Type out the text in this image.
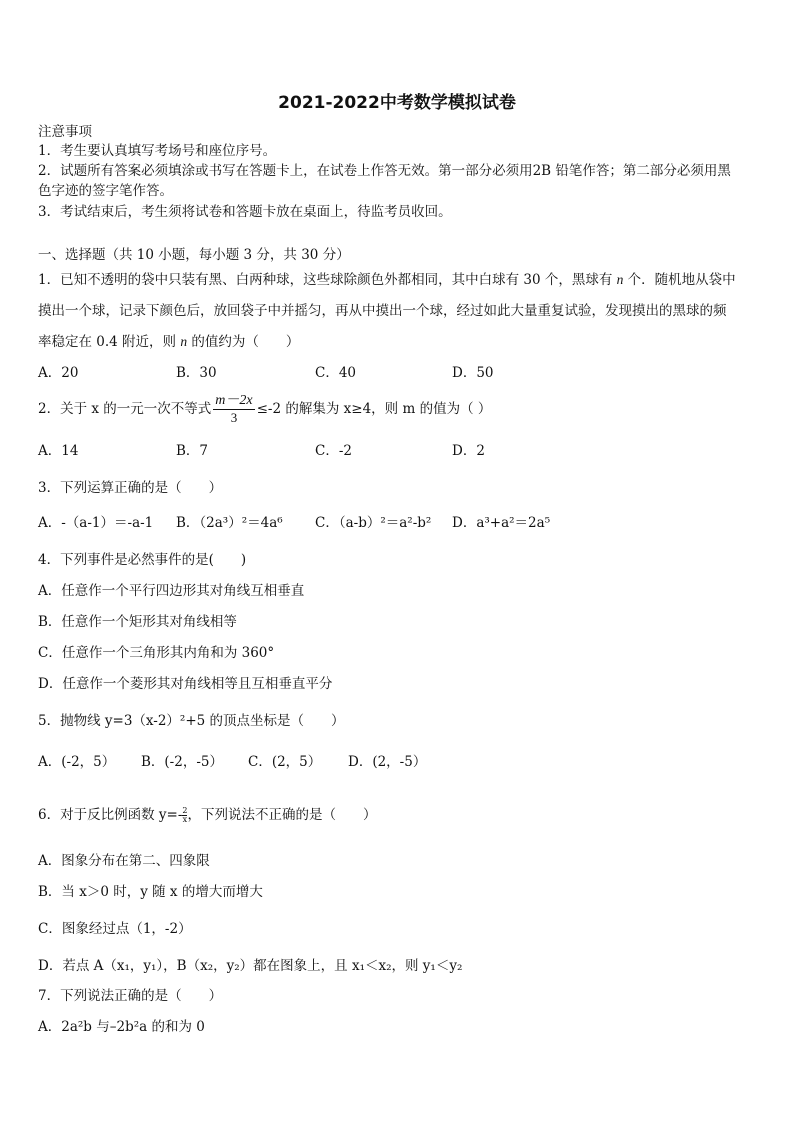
2021-2022中考数学模拟试卷
注意事项
1．考生要认真填写考场号和座位序号。
2．试题所有答案必须填涂或书写在答题卡上，在试卷上作答无效。第一部分必须用2B 铅笔作答；第二部分必须用黑
色字迹的签字笔作答。
3．考试结束后，考生须将试卷和答题卡放在桌面上，待监考员收回。
一、选择题（共 10 小题，每小题 3 分，共 30 分）
1．已知不透明的袋中只装有黑、白两种球，这些球除颜色外都相同，其中白球有 30 个，黑球有 n 个．随机地从袋中
摸出一个球，记录下颜色后，放回袋子中并摇匀，再从中摸出一个球，经过如此大量重复试验，发现摸出的黑球的频
率稳定在 0.4 附近，则 n 的值约为（　　）
A．20	B．30	C．40	D．50
2．关于 x 的一元一次不等式 $\frac{m-2x}{3} \le-2$ 的解集为 x≥4，则 m 的值为（ ）
A．14	B．7	C．-2	D．2
3．下列运算正确的是（　　）
A．-（a-1）＝-a-1 B．（2a³）²＝4a⁶ C．（a-b）²＝a²-b² D．a³+a²＝2a⁵
4．下列事件是必然事件的是(　　)
A．任意作一个平行四边形其对角线互相垂直
B．任意作一个矩形其对角线相等
C．任意作一个三角形其内角和为 360°
D．任意作一个菱形其对角线相等且互相垂直平分
5．抛物线 y=3（x-2）²+5 的顶点坐标是（　　）
A．(-2，5） B．(-2，-5） C．(2，5） D．(2，-5）
6．对于反比例函数 $y=- \frac{2}{x}$ ，下列说法不正确的是（　　）
A．图象分布在第二、四象限
B．当 x＞0 时，y 随 x 的增大而增大
C．图象经过点（1，-2）
D．若点 A（x₁，y₁），B（x₂，y₂）都在图象上，且 x₁＜x₂，则 y₁＜y₂
7．下列说法正确的是（　　）
A．2a²b 与–2b²a 的和为 0
